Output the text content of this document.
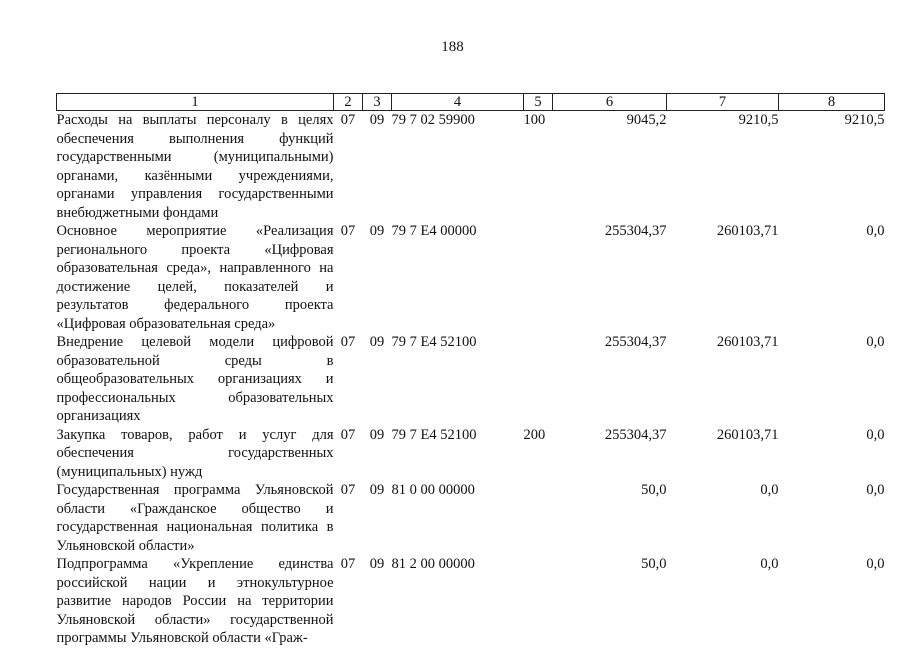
188
1	2	3	4	5	6	7	8
Расходы на выплаты персоналу в целях обеспечения выполнения функций государственными (муниципальными) органами, казёнными учреждениями, органами управления государственными внебюджетными фондами	07	09	79 7 02 59900	100	9045,2	9210,5	9210,5
Основное мероприятие «Реализация регионального проекта «Цифровая образовательная среда», направленного на достижение целей, показателей и результатов федерального проекта «Цифровая образовательная среда»	07	09	79 7 Е4 00000		255304,37	260103,71	0,0
Внедрение целевой модели цифровой образовательной среды в общеобразовательных организациях и профессиональных образовательных организациях	07	09	79 7 Е4 52100		255304,37	260103,71	0,0
Закупка товаров, работ и услуг для обеспечения государственных (муниципальных) нужд	07	09	79 7 Е4 52100	200	255304,37	260103,71	0,0
Государственная программа Ульяновской области «Гражданское общество и государственная национальная политика в Ульяновской области»	07	09	81 0 00 00000		50,0	0,0	0,0
Подпрограмма «Укрепление единства российской нации и этнокультурное развитие народов России на территории Ульяновской области» государственной программы Ульяновской области «Граж-	07	09	81 2 00 00000		50,0	0,0	0,0
